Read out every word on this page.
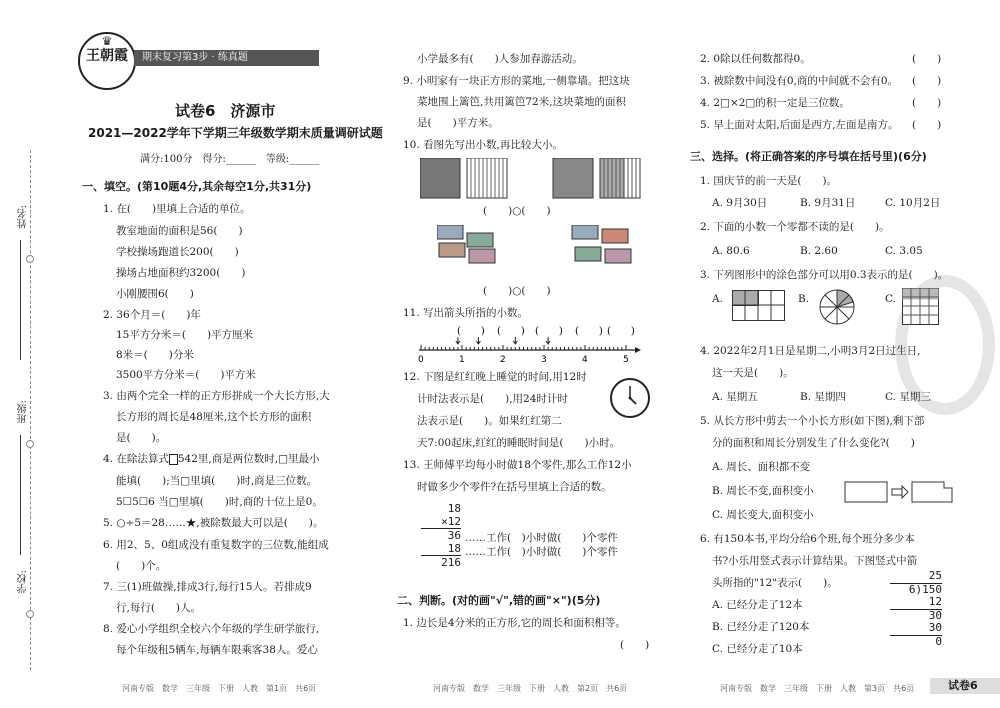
姓名:
班级:
学校:
♛
王朝霞	期末复习第3步 · 练真题
试卷6　济源市
2021—2022学年下学期三年级数学期末质量调研试题
满分:100分　得分:______　等级:______
一、填空。(第10题4分,其余每空1分,共31分)
1. 在(　　)里填上合适的单位。
教室地面的面积是56(　　)
学校操场跑道长200(　　)
操场占地面积约3200(　　)
小刚腰围6(　　)
2. 36个月＝(　　)年
15平方分米＝(　　)平方厘米
8米＝(　　)分米
3500平方分米＝(　　)平方米
3. 由两个完全一样的正方形拼成一个大长方形,大
长方形的周长是48厘米,这个长方形的面积
是(　　)。
4. 在除法算式 542里,商是两位数时,□里最小
能填(　　);当□里填(　　)时,商是三位数。
5☐5☐6 当□里填(　　)时,商的十位上是0。
5. ○÷5＝28……★,被除数最大可以是(　　)。
6. 用2、5、0组成没有重复数字的三位数,能组成
(　　)个。
7. 三(1)班做操,排成3行,每行15人。若排成9
行,每行(　　)人。
8. 爱心小学组织全校六个年级的学生研学旅行,
每个年级租5辆车,每辆车限乘客38人。爱心
河南专版　数学　三年级　下册　人教　第1页　共6页
小学最多有(　　)人参加春游活动。
9. 小明家有一块正方形的菜地,一侧靠墙。把这块
菜地围上篱笆,共用篱笆72米,这块菜地的面积
是(　　)平方米。
10. 看图先写出小数,再比较大小。
(　　)○(　　)
(　　)○(　　)
11. 写出箭头所指的小数。
(　　) (　　) (　　) (　　) (　　)
0	1	2	3	4	5
12. 下图是红红晚上睡觉的时间,用12时
计时法表示是(　　),用24时计时
法表示是(　　)。如果红红第二
天7:00起床,红红的睡眠时间是(　　)小时。
13. 王师傅平均每小时做18个零件,那么工作12小
时做多少个零件?在括号里填上合适的数。
18
×12
36
18
216
……工作(　)小时做(　　)个零件
……工作(　)小时做(　　)个零件
二、判断。(对的画"√",错的画"×")(5分)
1. 边长是4分米的正方形,它的周长和面积相等。
(　　)
河南专版　数学　三年级　下册　人教　第2页　共6页
2. 0除以任何数都得0。	(　　)
3. 被除数中间没有0,商的中间就不会有0。 (　　)
4. 2□×2□的积一定是三位数。	(　　)
5. 早上面对太阳,后面是西方,左面是南方。 (　　)
三、选择。(将正确答案的序号填在括号里)(6分)
1. 国庆节的前一天是(　　)。
A. 9月30日	B. 9月31日	C. 10月2日
2. 下面的小数一个零都不读的是(　　)。
A. 80.6	B. 2.60	C. 3.05
3. 下列图形中的涂色部分可以用0.3表示的是(　　)。
A.	B.	C.
4. 2022年2月1日是星期二,小明3月2日过生日,
这一天是(　　)。
A. 星期五	B. 星期四	C. 星期三
5. 从长方形中剪去一个小长方形(如下图),剩下部
分的面积和周长分别发生了什么变化?(　　)
A. 周长、面积都不变
B. 周长不变,面积变小
C. 周长变大,面积变小
6. 有150本书,平均分给6个班,每个班分多少本
书?小乐用竖式表示计算结果。下图竖式中箭
头所指的"12"表示(　　)。
A. 已经分走了12本
B. 已经分走了120本
C. 已经分走了10本
25
6)150
12
30
30
0
河南专版　数学　三年级　下册　人教　第3页　共6页	试卷6
